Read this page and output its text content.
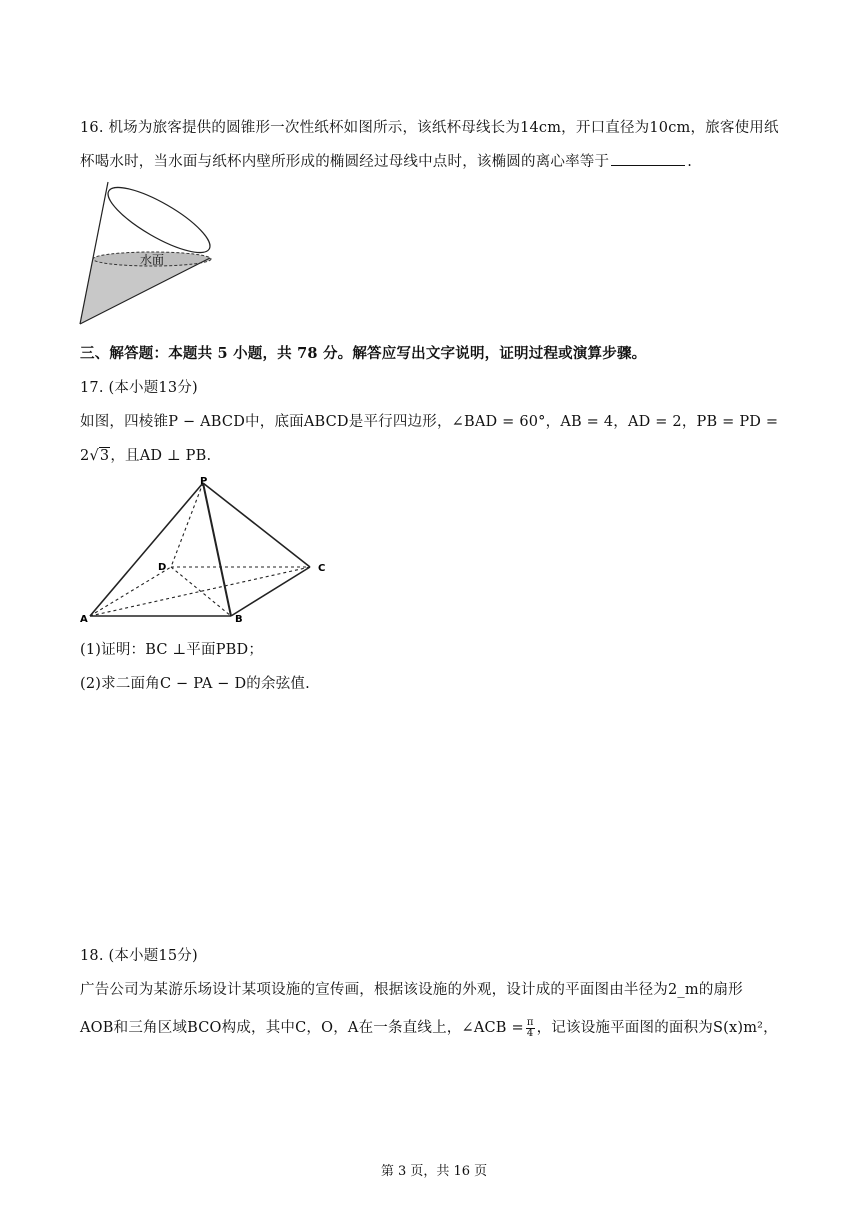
16. 机场为旅客提供的圆锥形一次性纸杯如图所示，该纸杯母线长为14cm，开口直径为10cm，旅客使用纸
杯喝水时，当水面与纸杯内壁所形成的椭圆经过母线中点时，该椭圆的离心率等于	.
水面
三、解答题：本题共 5 小题，共 78 分。解答应写出文字说明，证明过程或演算步骤。
17. (本小题13分)
如图，四棱锥P − ABCD中，底面ABCD是平行四边形，∠BAD = 60°，AB = 4，AD = 2，PB = PD =
2√3，且AD ⊥ PB.
P
D	C
A	B
(1)证明：BC ⊥平面PBD；
(2)求二面角C − PA − D的余弦值.
18. (本小题15分)
广告公司为某游乐场设计某项设施的宣传画，根据该设施的外观，设计成的平面图由半径为2_m的扇形
AOB和三角区域BCO构成，其中C，O，A在一条直线上，∠ACB = $\frac{\pi}{4}$ ，记该设施平面图的面积为S(x)m²，
第 3 页，共 16 页
